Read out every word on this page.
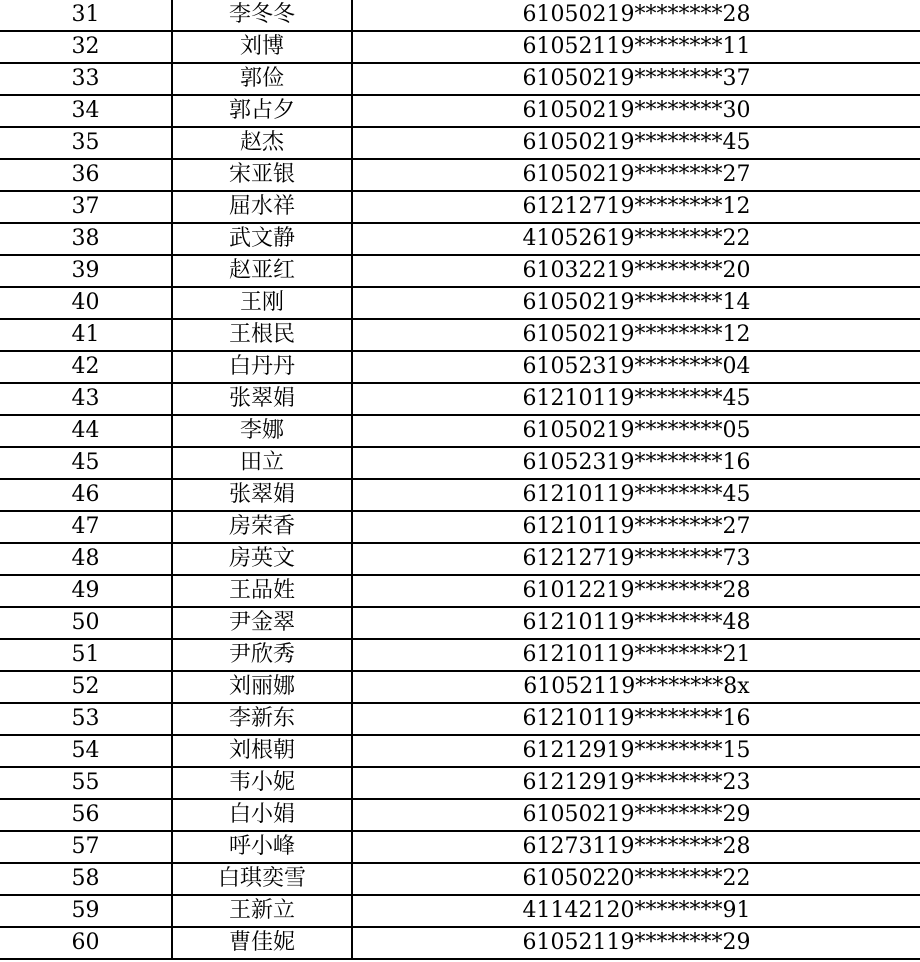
31	李冬冬	61050219********28
32	刘博	61052119********11
33	郭俭	61050219********37
34	郭占夕	61050219********30
35	赵杰	61050219********45
36	宋亚银	61050219********27
37	屈水祥	61212719********12
38	武文静	41052619********22
39	赵亚红	61032219********20
40	王刚	61050219********14
41	王根民	61050219********12
42	白丹丹	61052319********04
43	张翠娟	61210119********45
44	李娜	61050219********05
45	田立	61052319********16
46	张翠娟	61210119********45
47	房荣香	61210119********27
48	房英文	61212719********73
49	王品姓	61012219********28
50	尹金翠	61210119********48
51	尹欣秀	61210119********21
52	刘丽娜	61052119********8x
53	李新东	61210119********16
54	刘根朝	61212919********15
55	韦小妮	61212919********23
56	白小娟	61050219********29
57	呼小峰	61273119********28
58	白琪奕雪	61050220********22
59	王新立	41142120********91
60	曹佳妮	61052119********29
